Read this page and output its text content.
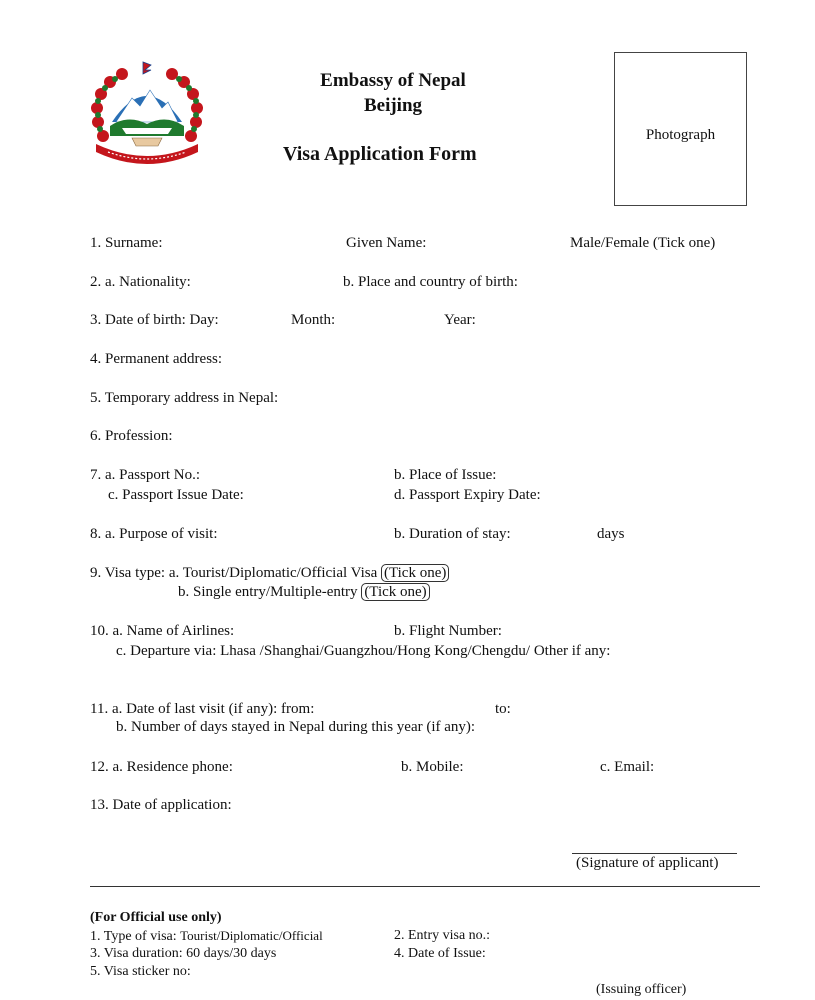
Embassy of Nepal
Beijing
Visa Application Form
Photograph
1. Surname:	Given Name:	Male/Female (Tick one)
2. a. Nationality:	b. Place and country of birth:
3. Date of birth: Day:	Month:	Year:
4. Permanent address:
5. Temporary address in Nepal:
6. Profession:
7. a. Passport No.:	b. Place of Issue:
c. Passport Issue Date:	d. Passport Expiry Date:
8. a. Purpose of visit:	b. Duration of stay:	days
9. Visa type: a. Tourist/Diplomatic/Official Visa (Tick one)
b. Single entry/Multiple-entry (Tick one)
10. a. Name of Airlines:	b. Flight Number:
c. Departure via: Lhasa /Shanghai/Guangzhou/Hong Kong/Chengdu/ Other if any:
11. a. Date of last visit (if any): from:	to:
b. Number of days stayed in Nepal during this year (if any):
12. a. Residence phone:	b. Mobile:	c. Email:
13. Date of application:
(Signature of applicant)
(For Official use only)
1. Type of visa: Tourist/Diplomatic/Official	2. Entry visa no.:
3. Visa duration: 60 days/30 days	4. Date of Issue:
5. Visa sticker no:
(Issuing officer)
